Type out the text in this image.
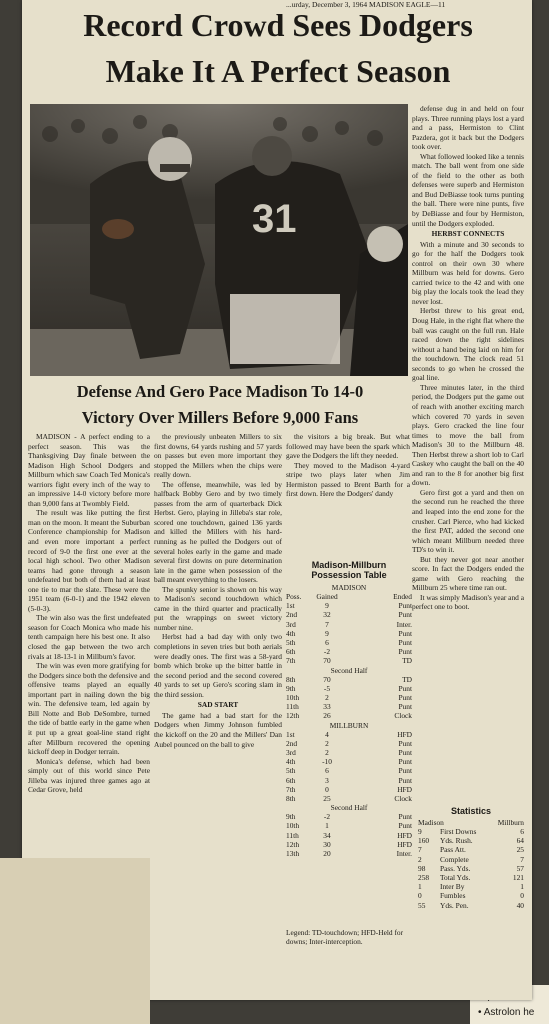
• Astrolon he
...urday, December 3, 1964 MADISON EAGLE—11
Record Crowd Sees Dodgers
Make It A Perfect Season
31

defense dug in and held on four plays. Three running plays lost a yard and a pass, Hermiston to Clint Pazdera, got it back but the Dodgers took over.

What followed looked like a tennis match. The ball went from one side of the field to the other as both defenses were superb and Hermiston and Bud DeBiasse took turns punting the ball. There were nine punts, five by DeBiasse and four by Hermiston, until the Dodgers exploded.

HERBST CONNECTS

With a minute and 30 seconds to go for the half the Dodgers took control on their own 30 where Millburn was held for downs. Gero carried twice to the 42 and with one big play the locals took the lead they never lost.

Herbst threw to his great end, Doug Hale, in the right flat where the ball was caught on the full run. Hale raced down the right sidelines without a hand being laid on him for the touchdown. The clock read 51 seconds to go when he crossed the goal line.

Three minutes later, in the third period, the Dodgers put the game out of reach with another exciting march which covered 70 yards in seven plays. Gero cracked the line four times to move the ball from Madison's 30 to the Millburn 48. Then Herbst threw a short lob to Carl Caskey who caught the ball on the 40 and ran to the 8 for another big first down.

Gero first got a yard and then on the second run he reached the three and leaped into the end zone for the crusher. Carl Pierce, who had kicked the first PAT, added the second one which meant Millburn needed three TD's to win it.

But they never got near another score. In fact the Dodgers ended the game with Gero reaching the Millburn 25 where time ran out.

It was simply Madison's year and a perfect one to boot.

Defense And Gero Pace Madison To 14-0
Victory Over Millers Before 9,000 Fans

MADISON - A perfect ending to a perfect season. This was the Thanksgiving Day finale between the Madison High School Dodgers and Millburn which saw Coach Ted Monica's warriors fight every inch of the way to an impressive 14-0 victory before more than 9,000 fans at Twombly Field.

The result was like putting the first man on the moon. It meant the Suburban Conference championship for Madison and even more important a perfect record of 9-0 the first one ever at the local high school. Two other Madison teams had gone through a season undefeated but both of them had at least one tie to mar the slate. These were the 1951 team (6-0-1) and the 1942 eleven (5-0-3).

The win also was the first undefeated season for Coach Monica who made his tenth campaign here his best one. It also closed the gap between the two arch rivals at 18-13-1 in Millburn's favor.

The win was even more gratifying for the Dodgers since both the defensive and offensive teams played an equally important part in nailing down the big win. The defensive team, led again by Bill Notte and Bob DeSombre, turned the tide of battle early in the game when it put up a great goal-line stand right after Millburn recovered the opening kickoff deep in Dodger terrain.

Monica's defense, which had been simply out of this world since Pete Jilleba was injured three games ago at Cedar Grove, held

the previously unbeaten Millers to six first downs, 64 yards rushing and 57 yards on passes but even more important they stopped the Millers when the chips were really down.

The offense, meanwhile, was led by halfback Bobby Gero and by two timely passes from the arm of quarterback Dick Herbst. Gero, playing in Jilleba's star role, scored one touchdown, gained 136 yards and killed the Millers with his hard-running as he pulled the Dodgers out of several holes early in the game and made several first downs on pure determination late in the game when possession of the ball meant everything to the losers.

The spunky senior is shown on his way to Madison's second touchdown which came in the third quarter and practically put the wrappings on sweet victory number nine.

Herbst had a bad day with only two completions in seven tries but both aerials were deadly ones. The first was a 58-yard bomb which broke up the bitter battle in the second period and the second covered 40 yards to set up Gero's scoring slam in the third session.

SAD START

The game had a bad start for the Dodgers when Jimmy Johnson fumbled the kickoff on the 20 and the Millers' Dan Aubel pounced on the ball to give

the visitors a big break. But what followed may have been the spark which gave the Dodgers the lift they needed.

They moved to the Madison 4-yard stripe two plays later when Jim Hermiston passed to Brent Barth for a first down. Here the Dodgers' dandy

Madison-Millburn Possession Table
MADISON
Poss.	Gained	Ended
1st	9	Punt
2nd	32	Punt
3rd	7	Inter.
4th	9	Punt
5th	6	Punt
6th	-2	Punt
7th	70	TD
Second Half
8th	70	TD
9th	-5	Punt
10th	2	Punt
11th	33	Punt
12th	26	Clock
MILLBURN
1st	4	HFD
2nd	2	Punt
3rd	2	Punt
4th	-10	Punt
5th	6	Punt
6th	3	Punt
7th	0	HFD
8th	25	Clock
Second Half
9th	-2	Punt
10th	1	Punt
11th	34	HFD
12th	30	HFD
13th	20	Inter.
Legend: TD-touchdown; HFD-Held for downs; Inter-interception.
Statistics
Madison	Millburn
9	First Downs	6
160	Yds. Rush.	64
7	Pass Att.	25
2	Complete	7
98	Pass. Yds.	57
258	Total Yds.	121
1	Inter By	1
0	Fumbles	0
55	Yds. Pen.	40
